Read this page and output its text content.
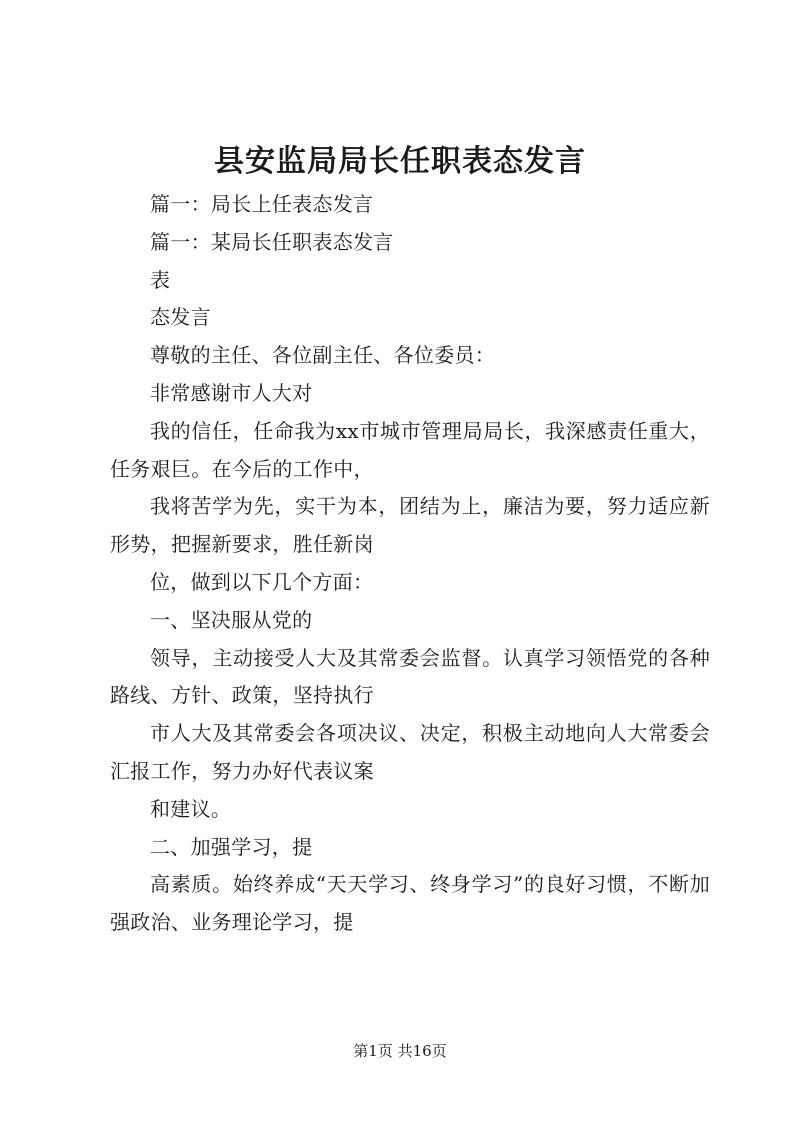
县安监局局长任职表态发言

篇一：局长上任表态发言

篇一：某局长任职表态发言

表

态发言

尊敬的主任、各位副主任、各位委员：

非常感谢市人大对

我的信任，任命我为xx市城市管理局局长，我深感责任重大，任务艰巨。在今后的工作中，

我将苦学为先，实干为本，团结为上，廉洁为要，努力适应新形势，把握新要求，胜任新岗

位，做到以下几个方面：

一、坚决服从党的

领导，主动接受人大及其常委会监督。认真学习领悟党的各种路线、方针、政策，坚持执行

市人大及其常委会各项决议、决定，积极主动地向人大常委会汇报工作，努力办好代表议案

和建议。

二、加强学习，提

高素质。始终养成“天天学习、终身学习”的良好习惯，不断加强政治、业务理论学习，提

第1页 共16页
